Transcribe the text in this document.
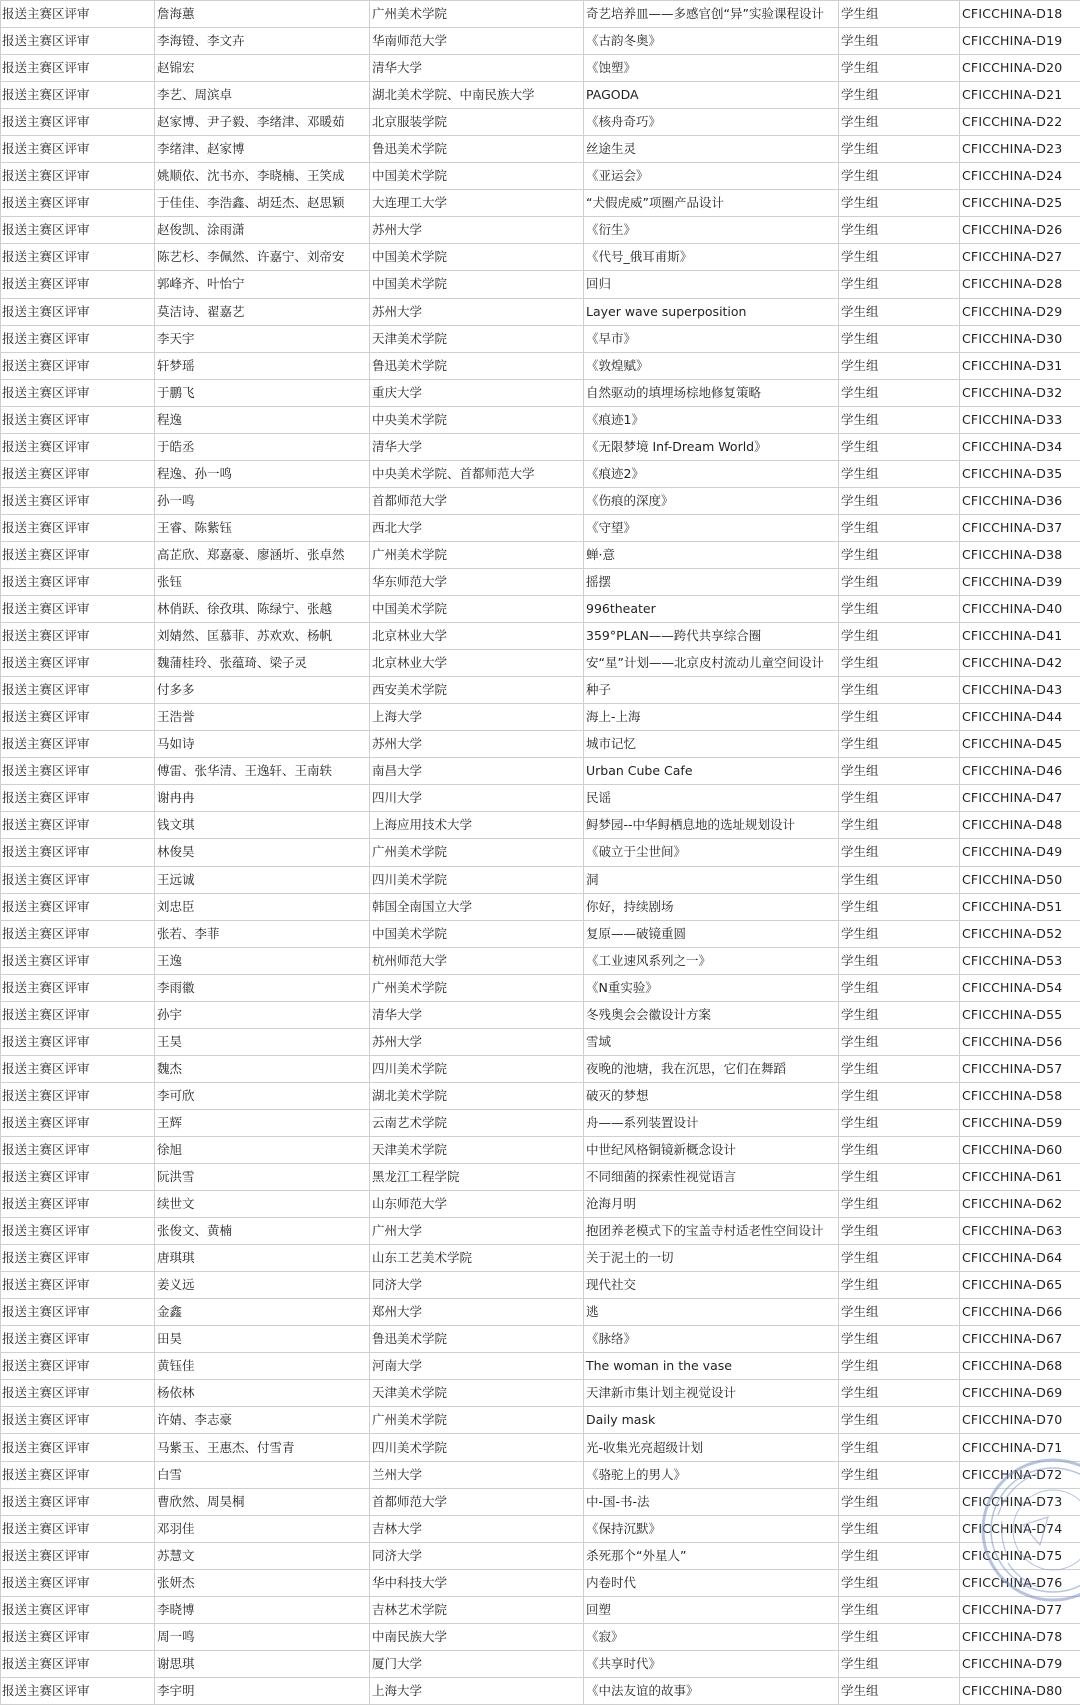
报送主赛区评审	詹海蕙	广州美术学院	奇艺培养皿——多感官创“异”实验课程设计	学生组	CFICCHINA-D18
报送主赛区评审	李海镫、李文卉	华南师范大学	《古韵冬奥》	学生组	CFICCHINA-D19
报送主赛区评审	赵锦宏	清华大学	《蚀塑》	学生组	CFICCHINA-D20
报送主赛区评审	李艺、周滨卓	湖北美术学院、中南民族大学	PAGODA	学生组	CFICCHINA-D21
报送主赛区评审	赵家博、尹子毅、李绪津、邓暖茹	北京服装学院	《核舟奇巧》	学生组	CFICCHINA-D22
报送主赛区评审	李绪津、赵家博	鲁迅美术学院	丝途生灵	学生组	CFICCHINA-D23
报送主赛区评审	姚顺依、沈书亦、李晓楠、王笑成	中国美术学院	《亚运会》	学生组	CFICCHINA-D24
报送主赛区评审	于佳佳、李浩鑫、胡廷杰、赵思颖	大连理工大学	“犬假虎威”项圈产品设计	学生组	CFICCHINA-D25
报送主赛区评审	赵俊凯、涂雨潇	苏州大学	《衍生》	学生组	CFICCHINA-D26
报送主赛区评审	陈艺杉、李佩然、许嘉宁、刘帝安	中国美术学院	《代号_俄耳甫斯》	学生组	CFICCHINA-D27
报送主赛区评审	郭峰齐、叶怡宁	中国美术学院	回归	学生组	CFICCHINA-D28
报送主赛区评审	莫洁诗、翟嘉艺	苏州大学	Layer wave superposition	学生组	CFICCHINA-D29
报送主赛区评审	李天宇	天津美术学院	《早市》	学生组	CFICCHINA-D30
报送主赛区评审	轩梦瑶	鲁迅美术学院	《敦煌赋》	学生组	CFICCHINA-D31
报送主赛区评审	于鹏飞	重庆大学	自然驱动的填埋场棕地修复策略	学生组	CFICCHINA-D32
报送主赛区评审	程逸	中央美术学院	《痕迹1》	学生组	CFICCHINA-D33
报送主赛区评审	于皓丞	清华大学	《无限梦境 Inf-Dream World》	学生组	CFICCHINA-D34
报送主赛区评审	程逸、孙一鸣	中央美术学院、首都师范大学	《痕迹2》	学生组	CFICCHINA-D35
报送主赛区评审	孙一鸣	首都师范大学	《伤痕的深度》	学生组	CFICCHINA-D36
报送主赛区评审	王睿、陈紫钰	西北大学	《守望》	学生组	CFICCHINA-D37
报送主赛区评审	高芷欣、郑嘉豪、廖涵圻、张卓然	广州美术学院	蝉·意	学生组	CFICCHINA-D38
报送主赛区评审	张钰	华东师范大学	摇摆	学生组	CFICCHINA-D39
报送主赛区评审	林俏跃、徐孜琪、陈绿宁、张越	中国美术学院	996theater	学生组	CFICCHINA-D40
报送主赛区评审	刘婧然、匡慕菲、苏欢欢、杨帆	北京林业大学	359°PLAN——跨代共享综合圈	学生组	CFICCHINA-D41
报送主赛区评审	魏蒲桂玲、张蕴琦、梁子灵	北京林业大学	安“星”计划——北京皮村流动儿童空间设计	学生组	CFICCHINA-D42
报送主赛区评审	付多多	西安美术学院	种子	学生组	CFICCHINA-D43
报送主赛区评审	王浩誉	上海大学	海上-上海	学生组	CFICCHINA-D44
报送主赛区评审	马如诗	苏州大学	城市记忆	学生组	CFICCHINA-D45
报送主赛区评审	傅雷、张华清、王逸轩、王南轶	南昌大学	Urban Cube Cafe	学生组	CFICCHINA-D46
报送主赛区评审	谢冉冉	四川大学	民谣	学生组	CFICCHINA-D47
报送主赛区评审	钱文琪	上海应用技术大学	鲟梦园--中华鲟栖息地的选址规划设计	学生组	CFICCHINA-D48
报送主赛区评审	林俊昊	广州美术学院	《破立于尘世间》	学生组	CFICCHINA-D49
报送主赛区评审	王远诚	四川美术学院	洞	学生组	CFICCHINA-D50
报送主赛区评审	刘忠臣	韩国全南国立大学	你好，持续剧场	学生组	CFICCHINA-D51
报送主赛区评审	张若、李菲	中国美术学院	复原——破镜重圆	学生组	CFICCHINA-D52
报送主赛区评审	王逸	杭州师范大学	《工业速风系列之一》	学生组	CFICCHINA-D53
报送主赛区评审	李雨徽	广州美术学院	《N重实验》	学生组	CFICCHINA-D54
报送主赛区评审	孙宇	清华大学	冬残奥会会徽设计方案	学生组	CFICCHINA-D55
报送主赛区评审	王昊	苏州大学	雪域	学生组	CFICCHINA-D56
报送主赛区评审	魏杰	四川美术学院	夜晚的池塘，我在沉思，它们在舞蹈	学生组	CFICCHINA-D57
报送主赛区评审	李可欣	湖北美术学院	破灭的梦想	学生组	CFICCHINA-D58
报送主赛区评审	王辉	云南艺术学院	舟——系列装置设计	学生组	CFICCHINA-D59
报送主赛区评审	徐旭	天津美术学院	中世纪风格铜镜新概念设计	学生组	CFICCHINA-D60
报送主赛区评审	阮洪雪	黑龙江工程学院	不同细菌的探索性视觉语言	学生组	CFICCHINA-D61
报送主赛区评审	续世文	山东师范大学	沧海月明	学生组	CFICCHINA-D62
报送主赛区评审	张俊文、黄楠	广州大学	抱团养老模式下的宝盖寺村适老性空间设计	学生组	CFICCHINA-D63
报送主赛区评审	唐琪琪	山东工艺美术学院	关于泥土的一切	学生组	CFICCHINA-D64
报送主赛区评审	姜义远	同济大学	现代社交	学生组	CFICCHINA-D65
报送主赛区评审	金鑫	郑州大学	逃	学生组	CFICCHINA-D66
报送主赛区评审	田昊	鲁迅美术学院	《脉络》	学生组	CFICCHINA-D67
报送主赛区评审	黄钰佳	河南大学	The woman in the vase	学生组	CFICCHINA-D68
报送主赛区评审	杨依林	天津美术学院	天津新市集计划主视觉设计	学生组	CFICCHINA-D69
报送主赛区评审	许婧、李志豪	广州美术学院	Daily mask	学生组	CFICCHINA-D70
报送主赛区评审	马紫玉、王惠杰、付雪青	四川美术学院	光-收集光亮超级计划	学生组	CFICCHINA-D71
报送主赛区评审	白雪	兰州大学	《骆驼上的男人》	学生组	CFICCHINA-D72
报送主赛区评审	曹欣然、周昊桐	首都师范大学	中-国-书-法	学生组	CFICCHINA-D73
报送主赛区评审	邓羽佳	吉林大学	《保持沉默》	学生组	CFICCHINA-D74
报送主赛区评审	苏慧文	同济大学	杀死那个“外星人”	学生组	CFICCHINA-D75
报送主赛区评审	张妍杰	华中科技大学	内卷时代	学生组	CFICCHINA-D76
报送主赛区评审	李晓博	吉林艺术学院	回塑	学生组	CFICCHINA-D77
报送主赛区评审	周一鸣	中南民族大学	《寂》	学生组	CFICCHINA-D78
报送主赛区评审	谢思琪	厦门大学	《共享时代》	学生组	CFICCHINA-D79
报送主赛区评审	李宇明	上海大学	《中法友谊的故事》	学生组	CFICCHINA-D80
